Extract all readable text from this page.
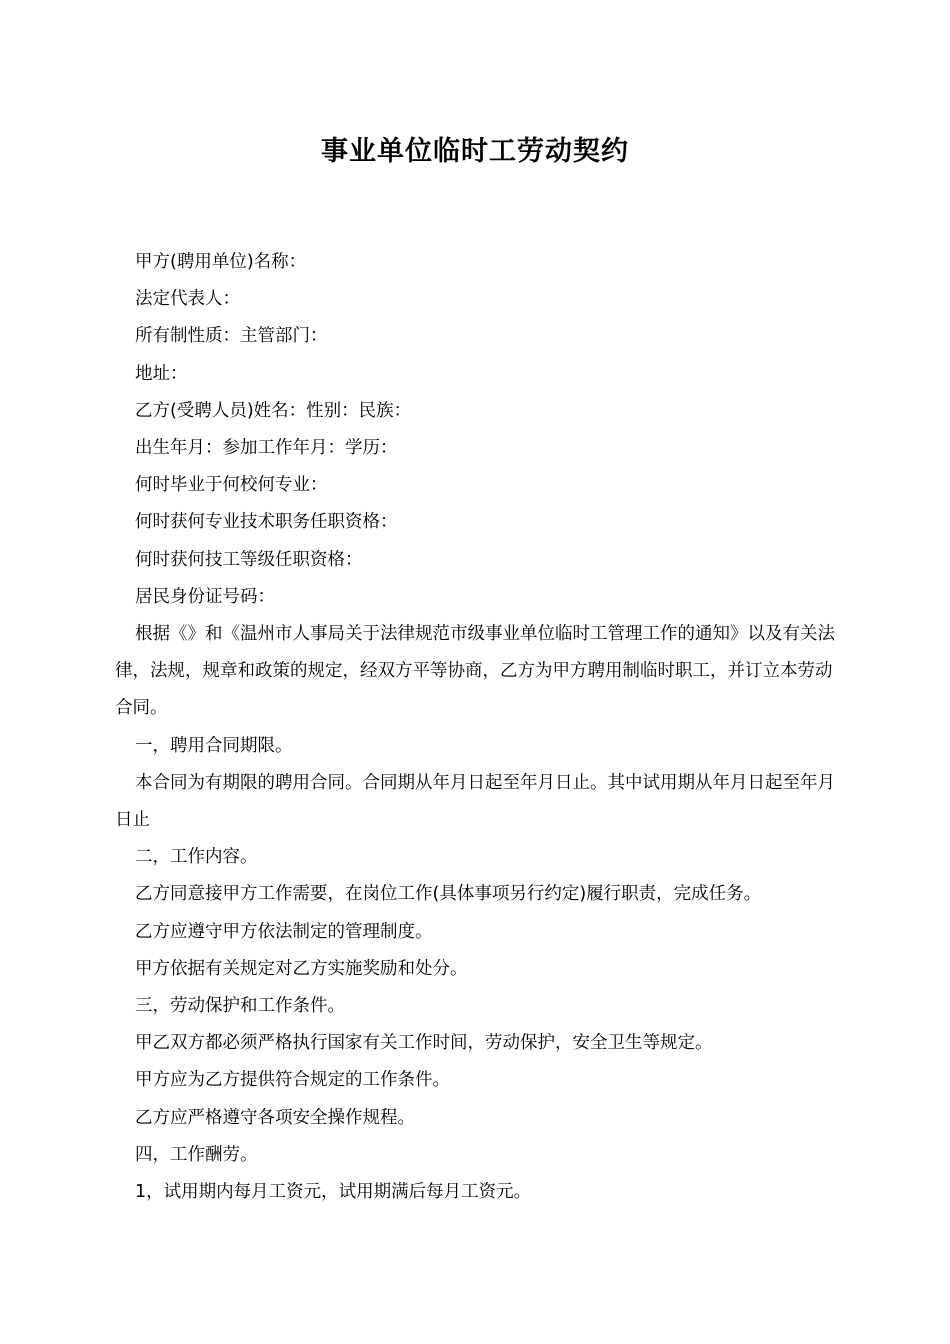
事业单位临时工劳动契约

甲方(聘用单位)名称：

法定代表人：

所有制性质：主管部门：

地址：

乙方(受聘人员)姓名：性别：民族：

出生年月：参加工作年月：学历：

何时毕业于何校何专业：

何时获何专业技术职务任职资格：

何时获何技工等级任职资格：

居民身份证号码：

根据《》和《温州市人事局关于法律规范市级事业单位临时工管理工作的通知》以及有关法律，法规，规章和政策的规定，经双方平等协商，乙方为甲方聘用制临时职工，并订立本劳动合同。

一，聘用合同期限。

本合同为有期限的聘用合同。合同期从年月日起至年月日止。其中试用期从年月日起至年月日止

二，工作内容。

乙方同意接甲方工作需要，在岗位工作(具体事项另行约定)履行职责，完成任务。

乙方应遵守甲方依法制定的管理制度。

甲方依据有关规定对乙方实施奖励和处分。

三，劳动保护和工作条件。

甲乙双方都必须严格执行国家有关工作时间，劳动保护，安全卫生等规定。

甲方应为乙方提供符合规定的工作条件。

乙方应严格遵守各项安全操作规程。

四，工作酬劳。

1，试用期内每月工资元，试用期满后每月工资元。
